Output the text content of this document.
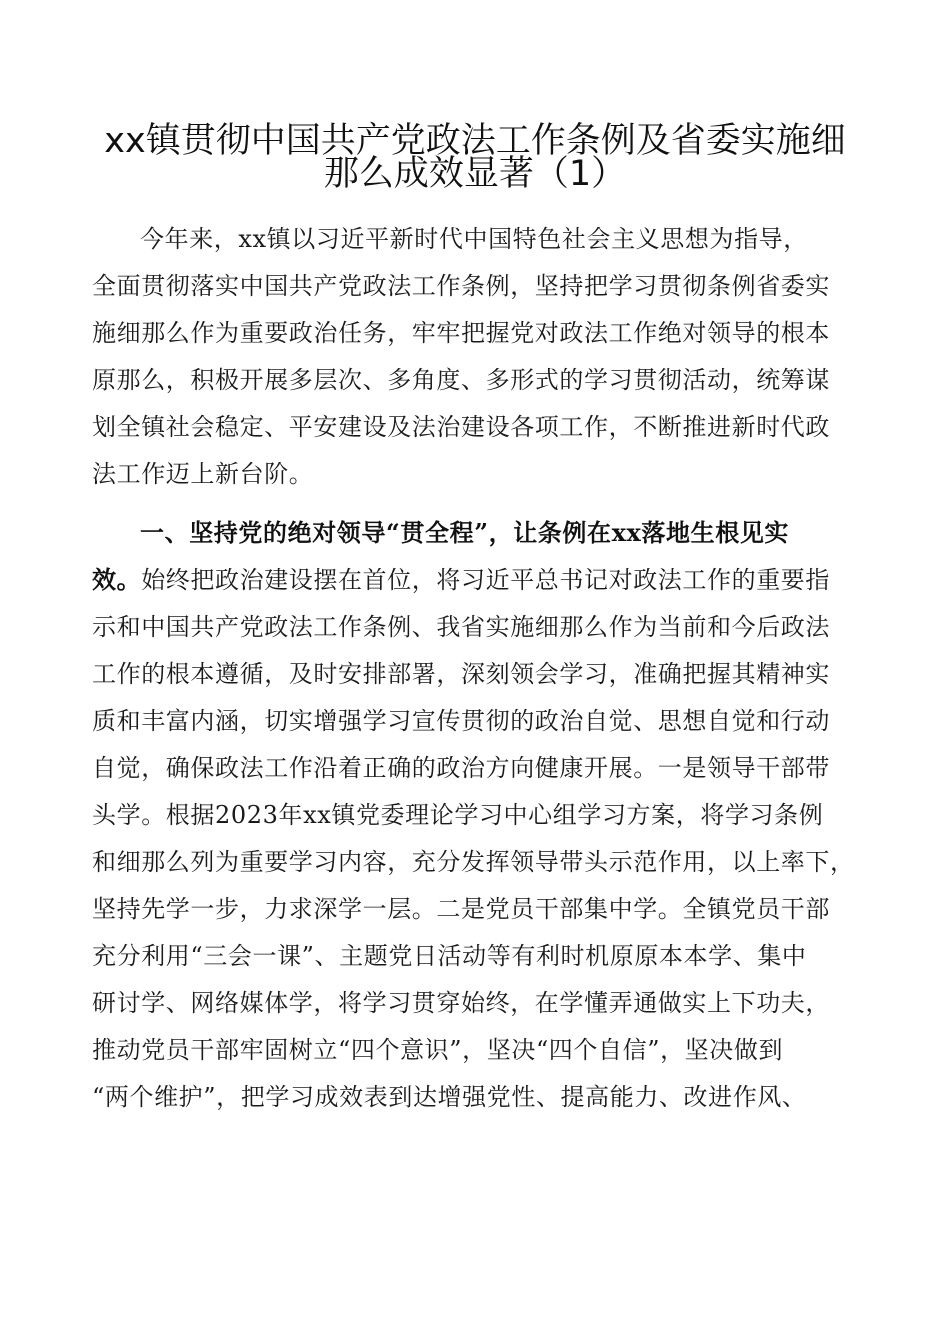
xx镇贯彻中国共产党政法工作条例及省委实施细
那么成效显著（1）
今年来，xx镇以习近平新时代中国特色社会主义思想为指导，
全面贯彻落实中国共产党政法工作条例，坚持把学习贯彻条例省委实
施细那么作为重要政治任务，牢牢把握党对政法工作绝对领导的根本
原那么，积极开展多层次、多角度、多形式的学习贯彻活动，统筹谋
划全镇社会稳定、平安建设及法治建设各项工作，不断推进新时代政
法工作迈上新台阶。
一、坚持党的绝对领导“贯全程”，让条例在xx落地生根见实
效。始终把政治建设摆在首位，将习近平总书记对政法工作的重要指
示和中国共产党政法工作条例、我省实施细那么作为当前和今后政法
工作的根本遵循，及时安排部署，深刻领会学习，准确把握其精神实
质和丰富内涵，切实增强学习宣传贯彻的政治自觉、思想自觉和行动
自觉，确保政法工作沿着正确的政治方向健康开展。一是领导干部带
头学。根据2023年xx镇党委理论学习中心组学习方案，将学习条例
和细那么列为重要学习内容，充分发挥领导带头示范作用，以上率下，
坚持先学一步，力求深学一层。二是党员干部集中学。全镇党员干部
充分利用“三会一课”、主题党日活动等有利时机原原本本学、集中
研讨学、网络媒体学，将学习贯穿始终，在学懂弄通做实上下功夫，
推动党员干部牢固树立“四个意识”，坚决“四个自信”，坚决做到
“两个维护”，把学习成效表到达增强党性、提高能力、改进作风、
